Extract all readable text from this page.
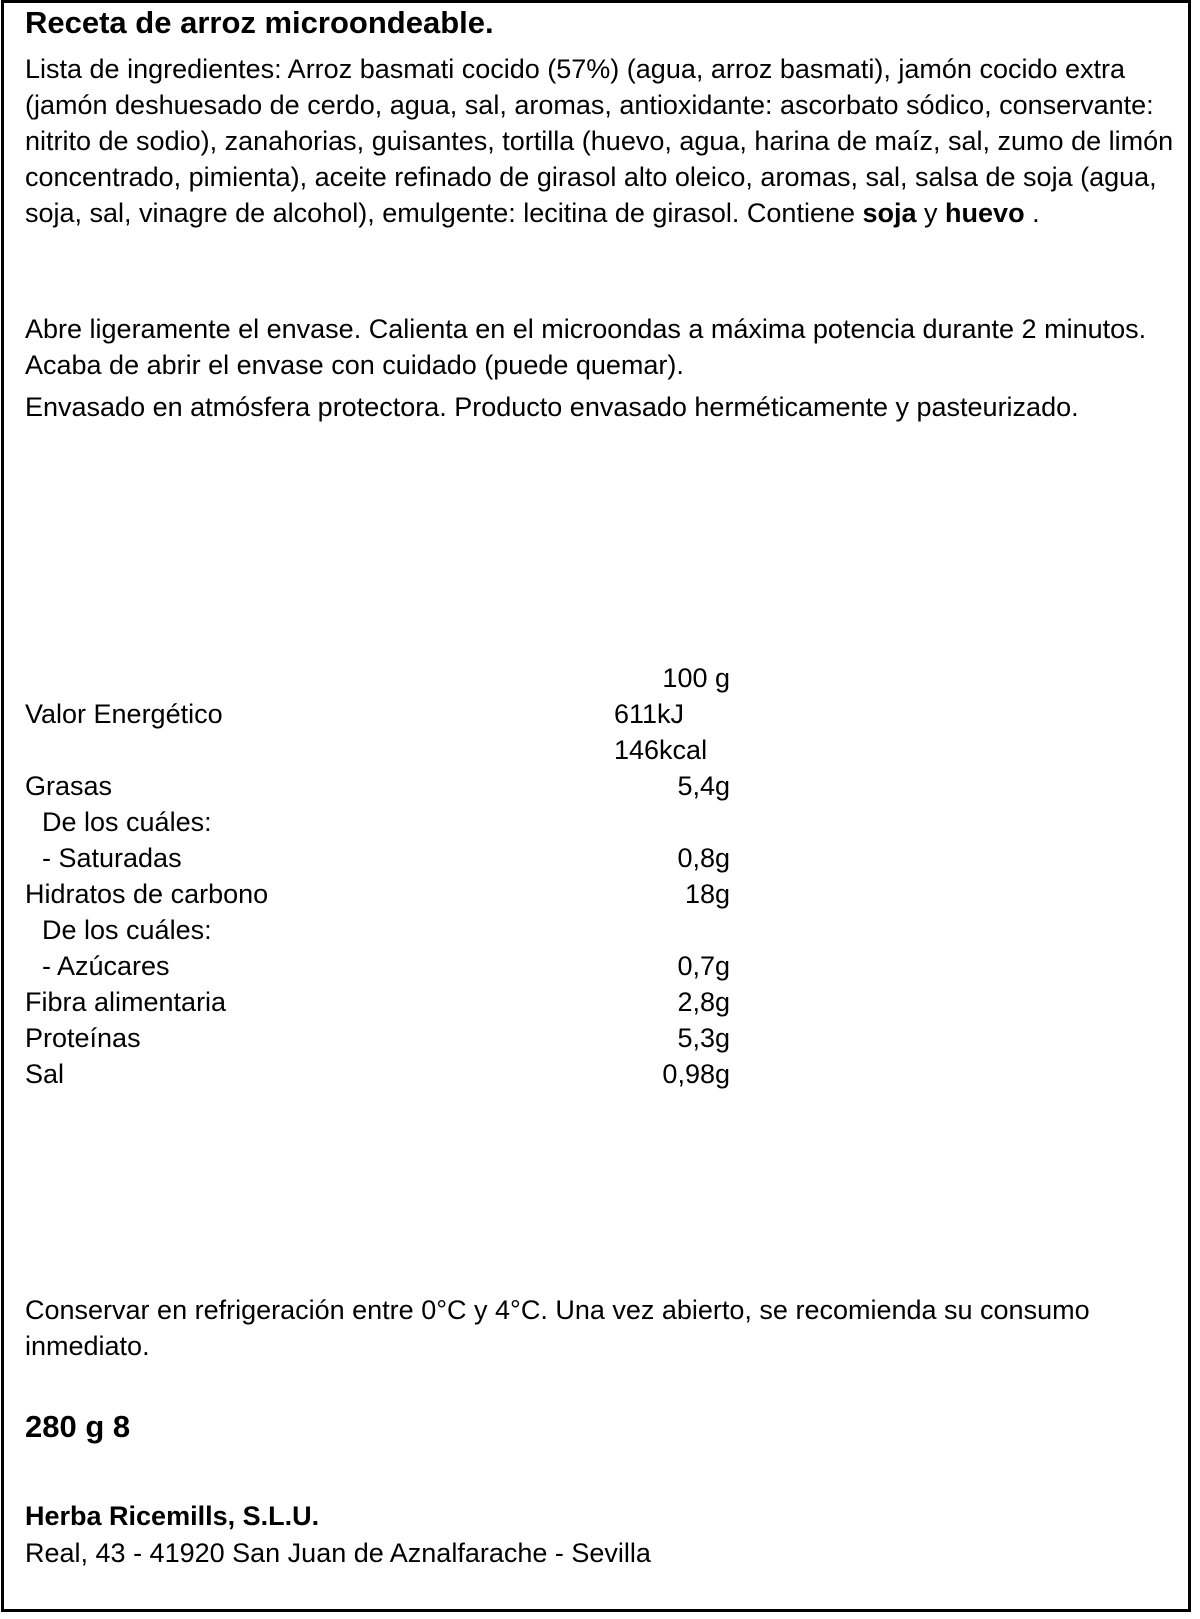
Receta de arroz microondeable.

Lista de ingredientes: Arroz basmati cocido (57%) (agua, arroz basmati), jamón cocido extra (jamón deshuesado de cerdo, agua, sal, aromas, antioxidante: ascorbato sódico, conservante: nitrito de sodio), zanahorias, guisantes, tortilla (huevo, agua, harina de maíz, sal, zumo de limón concentrado, pimienta), aceite refinado de girasol alto oleico, aromas, sal, salsa de soja (agua, soja, sal, vinagre de alcohol), emulgente: lecitina de girasol. Contiene soja y huevo .

Abre ligeramente el envase. Calienta en el microondas a máxima potencia durante 2 minutos. Acaba de abrir el envase con cuidado (puede quemar).

Envasado en atmósfera protectora. Producto envasado herméticamente y pasteurizado.

100 g
Valor Energético	611kJ
146kcal
Grasas	5,4g
De los cuáles:
- Saturadas	0,8g
Hidratos de carbono	18g
De los cuáles:
- Azúcares	0,7g
Fibra alimentaria	2,8g
Proteínas	5,3g
Sal	0,98g

Conservar en refrigeración entre 0°C y 4°C. Una vez abierto, se recomienda su consumo inmediato.

280 g 8
Herba Ricemills, S.L.U.
Real, 43 - 41920 San Juan de Aznalfarache - Sevilla
